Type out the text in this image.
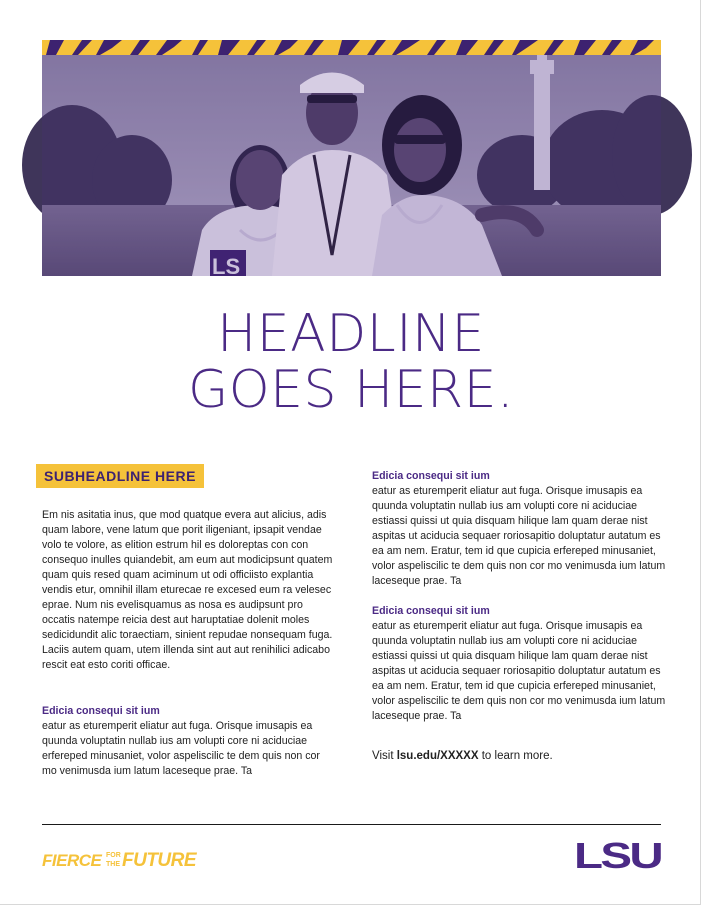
LS
HEADLINE
GOES HERE.
SUBHEADLINE HERE

Em nis asitatia inus, que mod quatque evera aut alicius, adis quam labore, vene latum que porit iligeniant, ipsapit vendae volo te volore, as elition estrum hil es doloreptas con con consequo inulles quiandebit, am eum aut modicipsunt quatem quam quis resed quam aciminum ut odi officiisto explantia vendis etur, omnihil illam eturecae re excesed eum ra velesec eprae. Num nis evelisquamus as nosa es audipsunt pro occatis natempe reicia dest aut haruptatiae dolenit moles sedicidundit alic toraectiam, sinient repudae nonsequam fuga. Laciis autem quam, utem illenda sint aut aut renihilici adicabo rescit eat esto coriti officae.

Edicia consequi sit ium

eatur as eturemperit eliatur aut fuga. Orisque imusapis ea quunda voluptatin nullab ius am volupti core ni aciduciae erfereped minusaniet, volor aspeliscilic te dem quis non cor mo venimusda ium latum laceseque prae. Ta

Edicia consequi sit ium

eatur as eturemperit eliatur aut fuga. Orisque imusapis ea quunda voluptatin nullab ius am volupti core ni aciduciae estiassi quissi ut quia disquam hilique lam quam derae nist aspitas ut aciducia sequaer roriosapitio doluptatur autatum es ea am nem. Eratur, tem id que cupicia erfereped minusaniet, volor aspeliscilic te dem quis non cor mo venimusda ium latum laceseque prae. Ta

Edicia consequi sit ium

eatur as eturemperit eliatur aut fuga. Orisque imusapis ea quunda voluptatin nullab ius am volupti core ni aciduciae estiassi quissi ut quia disquam hilique lam quam derae nist aspitas ut aciducia sequaer roriosapitio doluptatur autatum es ea am nem. Eratur, tem id que cupicia erfereped minusaniet, volor aspeliscilic te dem quis non cor mo venimusda ium latum laceseque prae. Ta

Visit lsu.edu/XXXXX to learn more.
FIERCE FOR
THE FUTURE	LSU
